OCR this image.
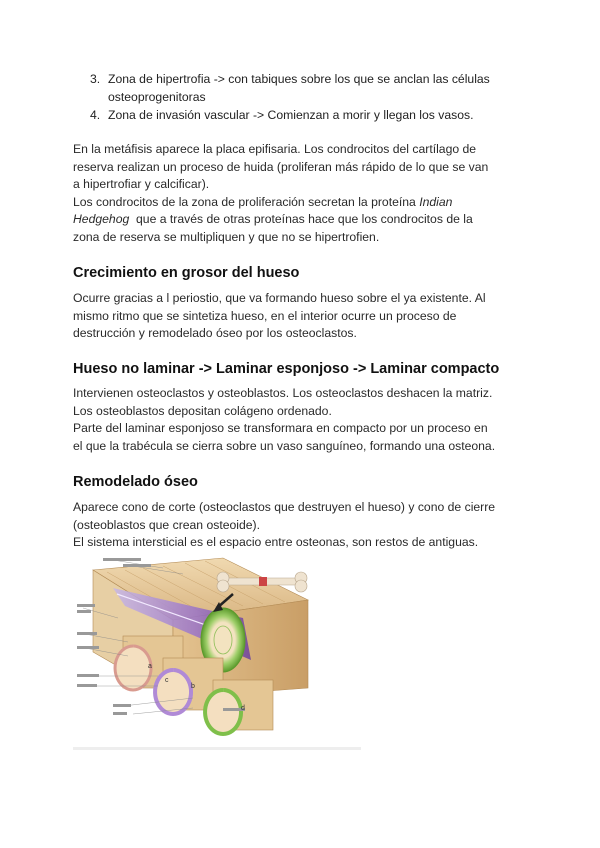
3. Zona de hipertrofia -> con tabiques sobre los que se anclan las células
osteoprogenitoras
4. Zona de invasión vascular -> Comienzan a morir y llegan los vasos.

En la metáfisis aparece la placa epifisaria. Los condrocitos del cartílago de

reserva realizan un proceso de huida (proliferan más rápido de lo que se van

a hipertrofiar y calcificar).

Los condrocitos de la zona de proliferación secretan la proteína Indian

Hedgehog  que a través de otras proteínas hace que los condrocitos de la

zona de reserva se multipliquen y que no se hipertrofien.

Crecimiento en grosor del hueso

Ocurre gracias a l periostio, que va formando hueso sobre el ya existente. Al

mismo ritmo que se sintetiza hueso, en el interior ocurre un proceso de

destrucción y remodelado óseo por los osteoclastos.

Hueso no laminar -> Laminar esponjoso -> Laminar compacto

Intervienen osteoclastos y osteoblastos. Los osteoclastos deshacen la matriz.

Los osteoblastos depositan colágeno ordenado.

Parte del laminar esponjoso se transformara en compacto por un proceso en

el que la trabécula se cierra sobre un vaso sanguíneo, formando una osteona.

Remodelado óseo

Aparece cono de corte (osteoclastos que destruyen el hueso) y cono de cierre

(osteoblastos que crean osteoide).

El sistema intersticial es el espacio entre osteonas, son restos de antiguas.

a
b
c
d
